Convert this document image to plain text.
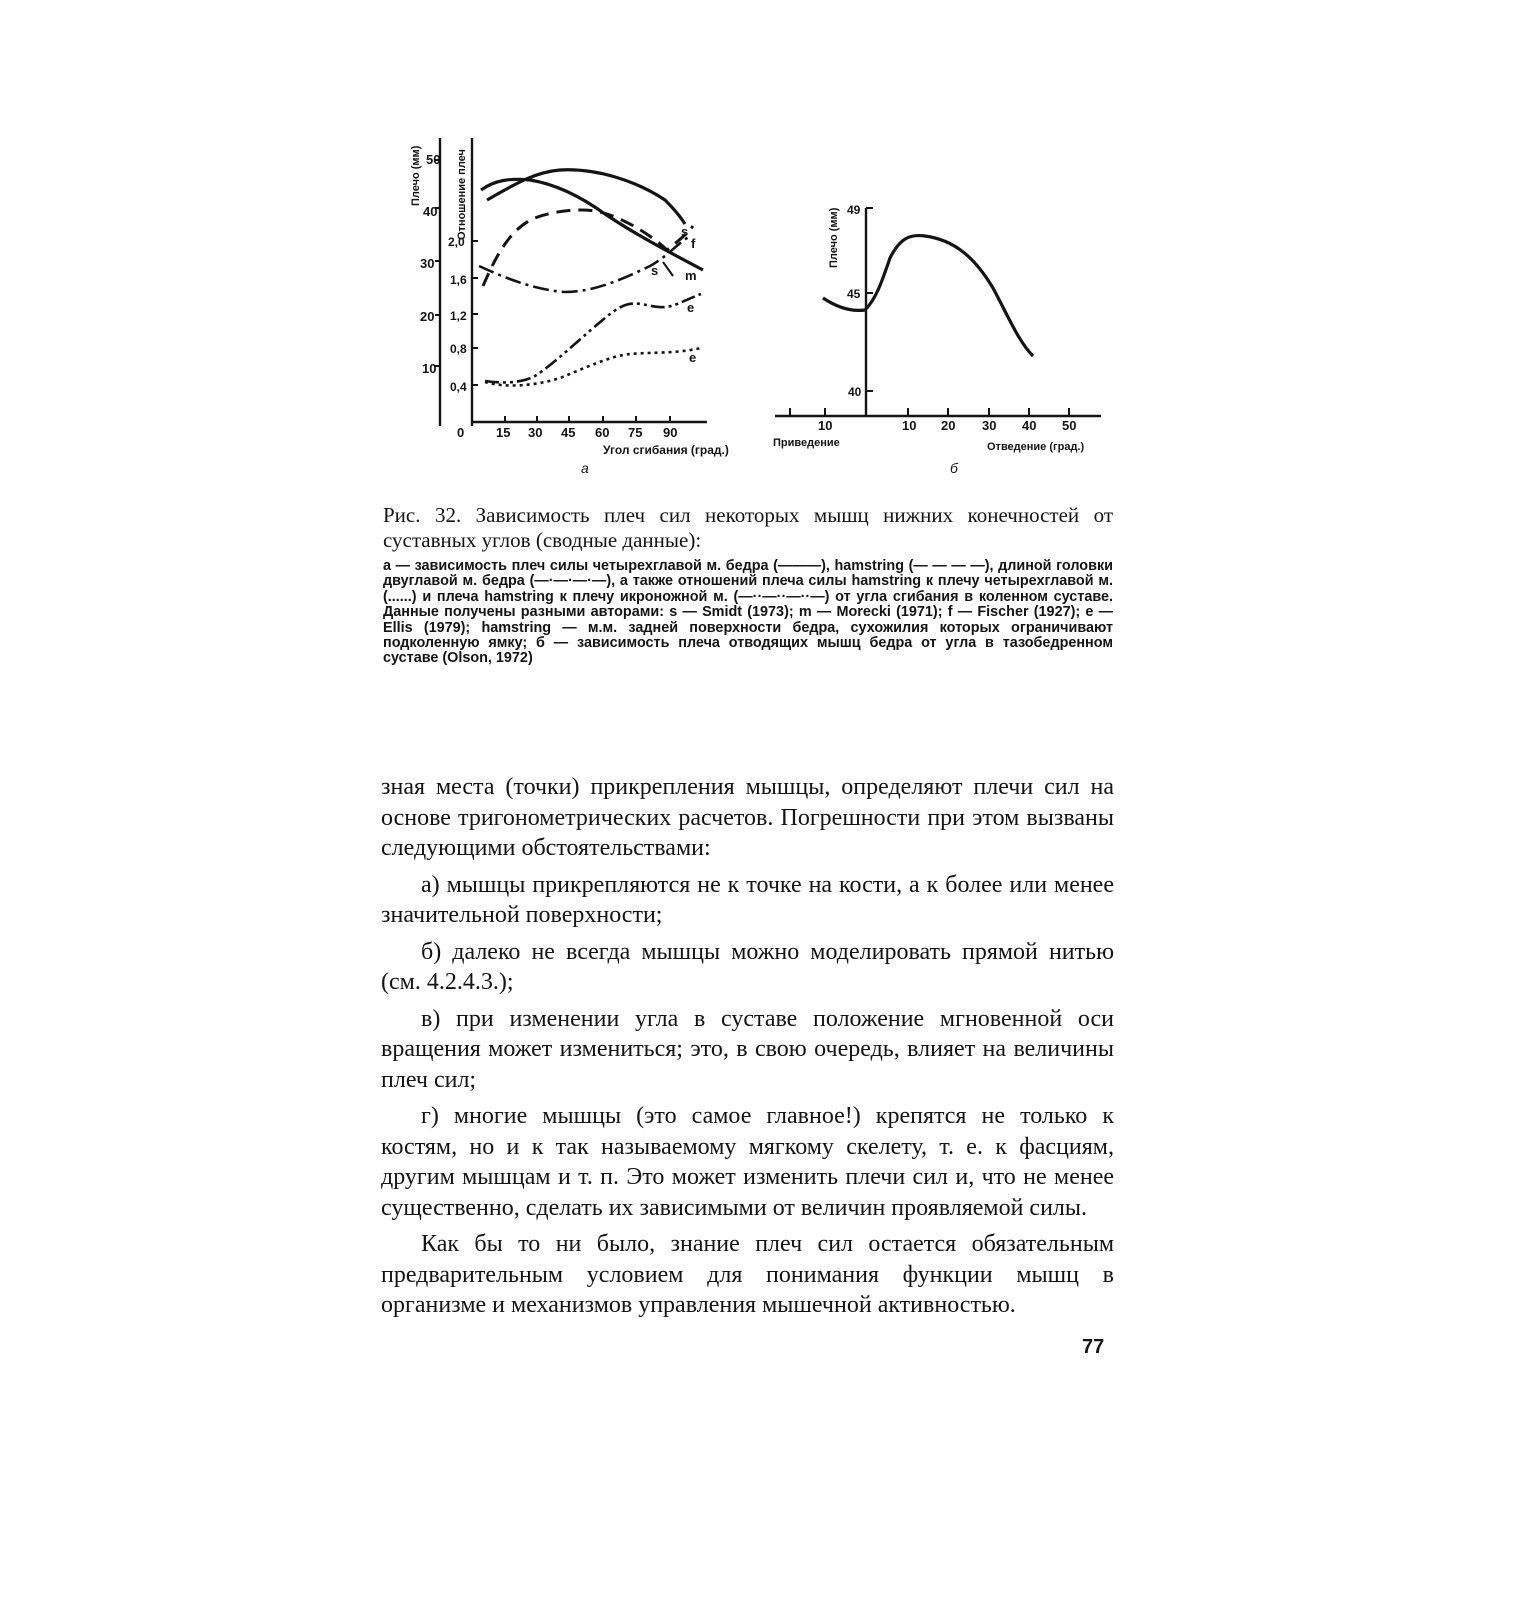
Плечо (мм)	Отношение плеч
50
40
30
20
10
0
2,0
1,6
1,2
0,8
0,4
15 30 45 60 75 90
Угол сгибания (град.)
a
s
f
s m
e
e
Плечо (мм) 49
45
40
10	10 20 30 40 50
Приведение	Отведение (град.)
б

Рис. 32. Зависимость плеч сил некоторых мышц нижних конечностей от суставных углов (сводные данные):

а — зависимость плеч силы четырехглавой м. бедра (———), hamstring (— — — —), длиной головки двуглавой м. бедра (—·—·—·—), а также отношений плеча силы hamstring к плечу четырехглавой м. (......) и плеча hamstring к плечу икроножной м. (—··—··—··—) от угла сгибания в коленном суставе. Данные получены разными авторами: s — Smidt (1973); m — Morecki (1971); f — Fischer (1927); e — Ellis (1979); hamstring — м.м. задней поверхности бедра, сухожилия которых ограничивают подколенную ямку; б — зависимость плеча отводящих мышц бедра от угла в тазобедренном суставе (Olson, 1972)

зная места (точки) прикрепления мышцы, определяют плечи сил на основе тригонометрических расчетов. Погрешности при этом вызваны следующими обстоятельствами:

а) мышцы прикрепляются не к точке на кости, а к более или менее значительной поверхности;

б) далеко не всегда мышцы можно моделировать прямой нитью (см. 4.2.4.3.);

в) при изменении угла в суставе положение мгновенной оси вращения может измениться; это, в свою очередь, влияет на величины плеч сил;

г) многие мышцы (это самое главное!) крепятся не только к костям, но и к так называемому мягкому скелету, т. е. к фасциям, другим мышцам и т. п. Это может изменить плечи сил и, что не менее существенно, сделать их зависимыми от величин проявляемой силы.

Как бы то ни было, знание плеч сил остается обязательным предварительным условием для понимания функции мышц в организме и механизмов управления мышечной активностью.

77
